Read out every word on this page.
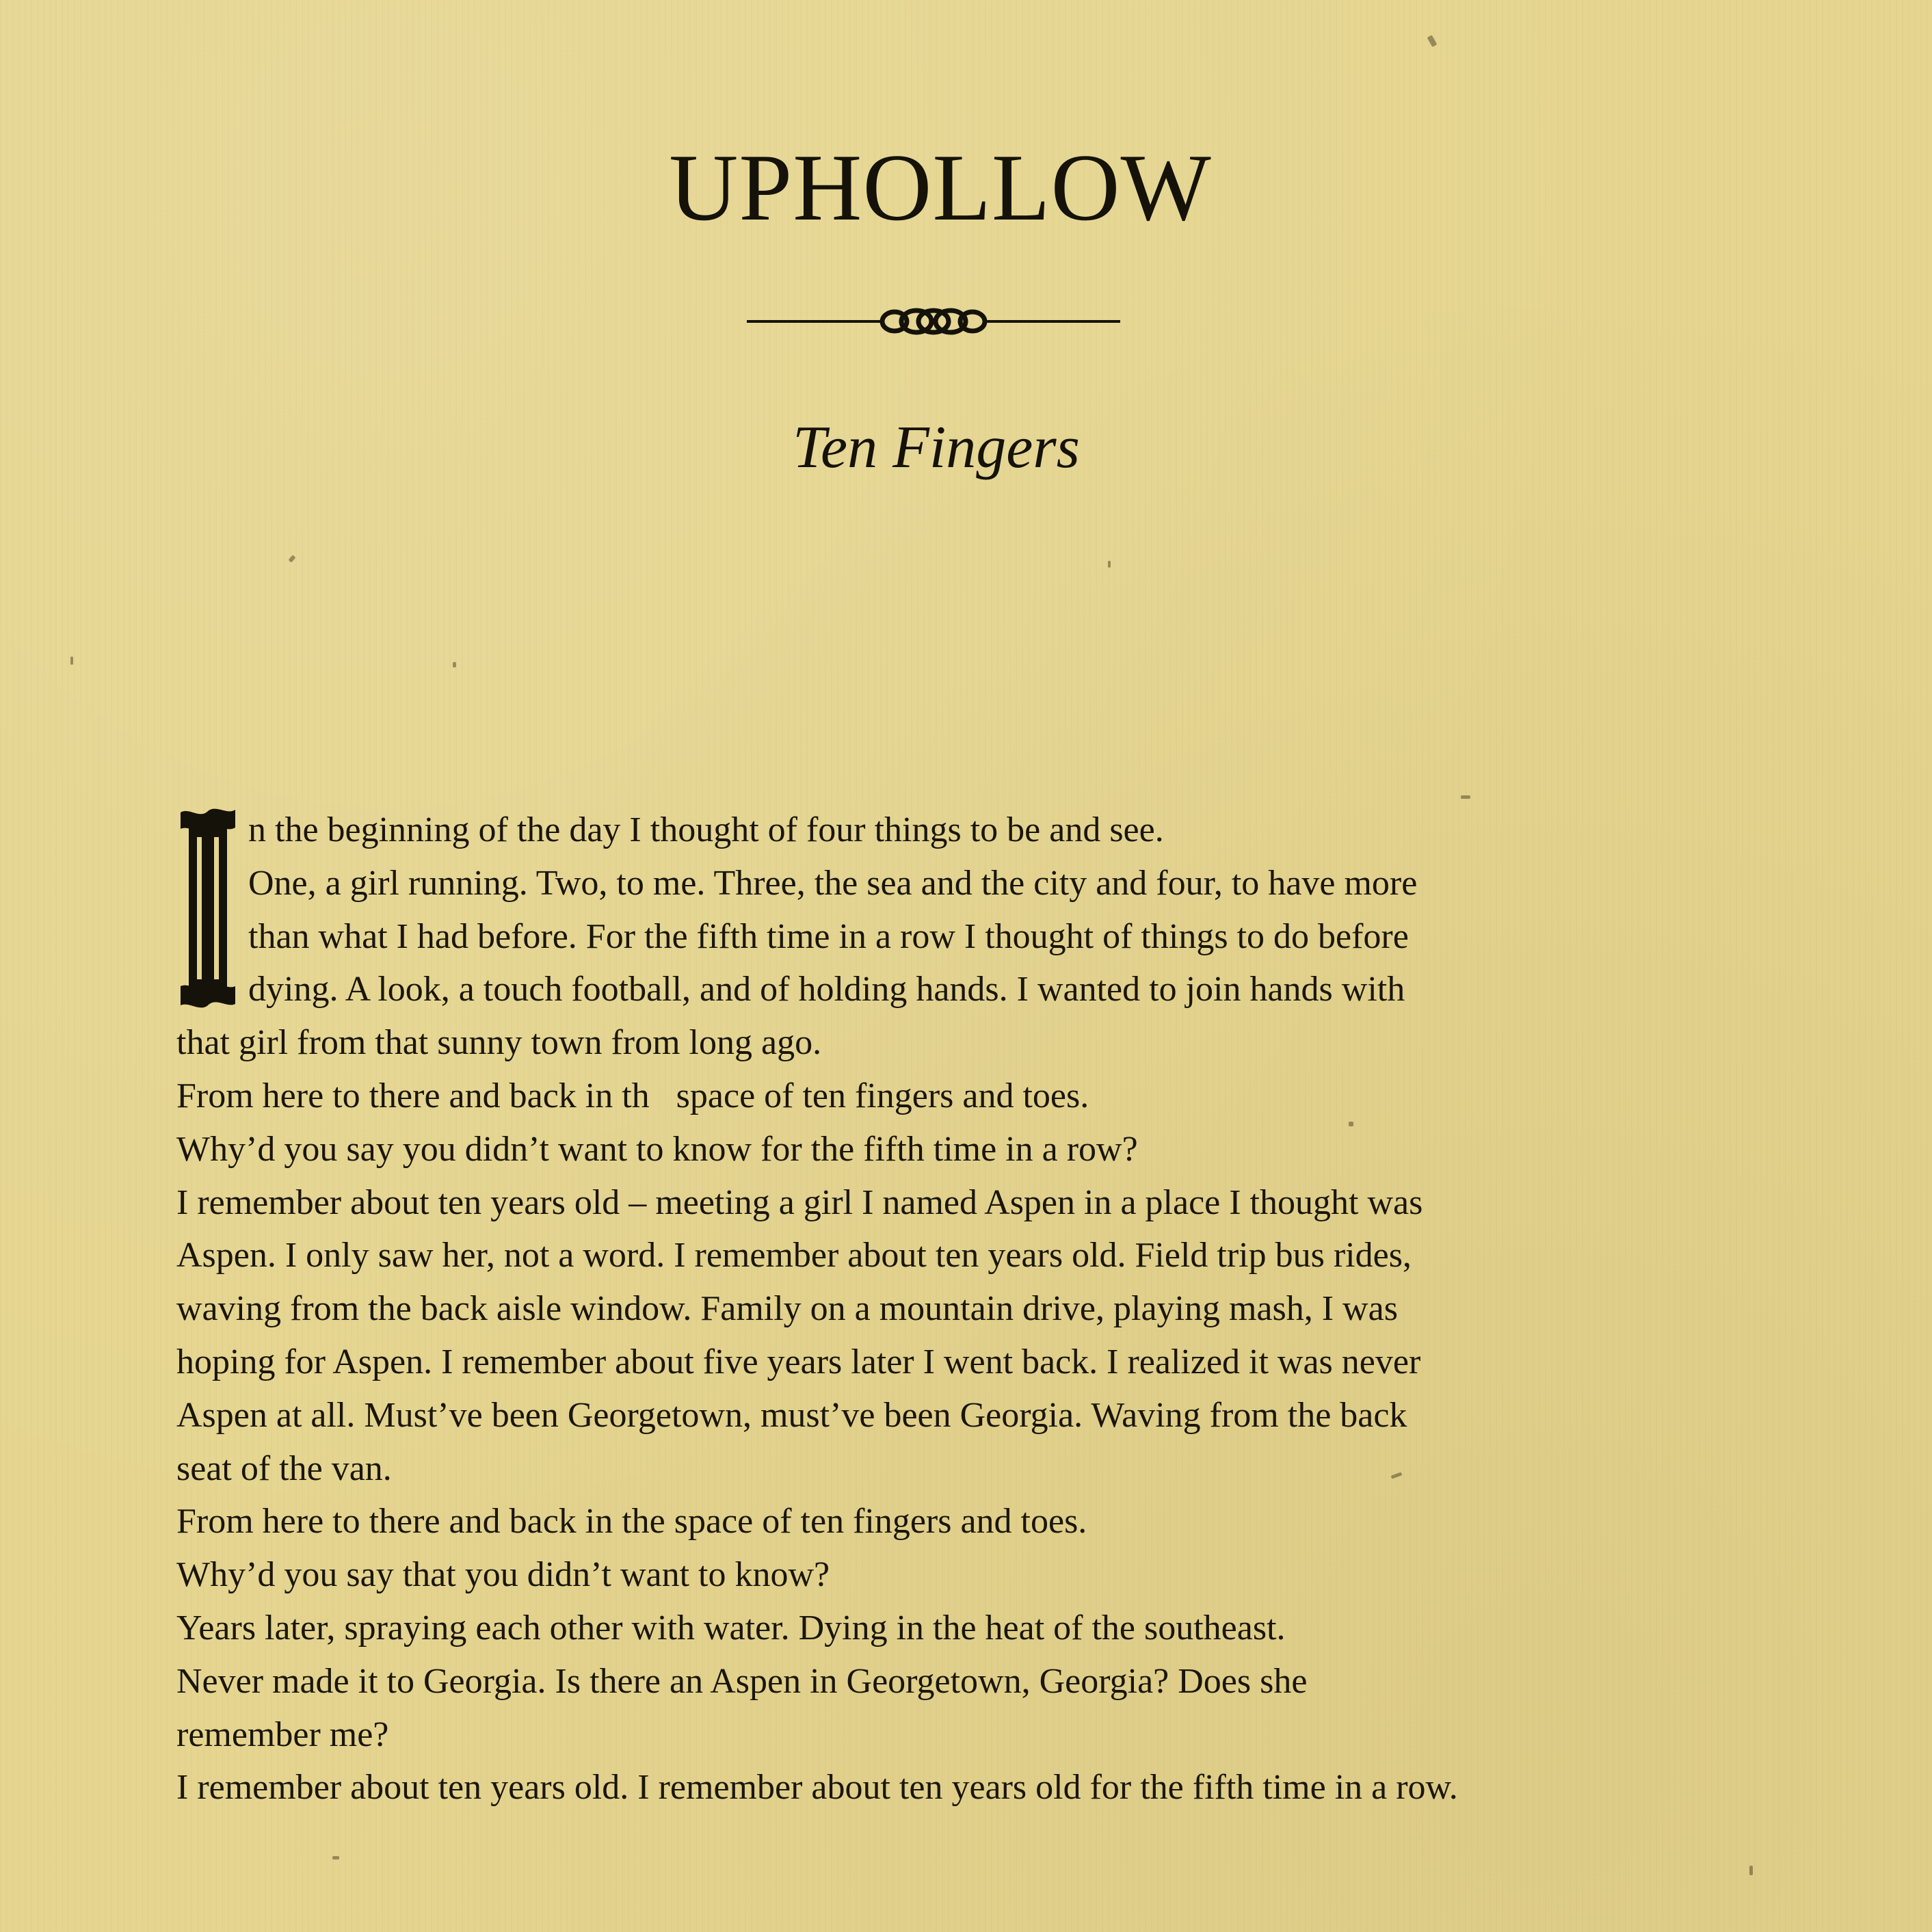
UPHOLLOW
Ten Fingers
n the beginning of the day I thought of four things to be and see.
One, a girl running. Two, to me. Three, the sea and the city and four, to have more
than what I had before. For the fifth time in a row I thought of things to do before
dying. A look, a touch football, and of holding hands. I wanted to join hands with
that girl from that sunny town from long ago.
From here to there and back in th   space of ten fingers and toes.
Why’d you say you didn’t want to know for the fifth time in a row?
I remember about ten years old – meeting a girl I named Aspen in a place I thought was
Aspen. I only saw her, not a word. I remember about ten years old. Field trip bus rides,
waving from the back aisle window. Family on a mountain drive, playing mash, I was
hoping for Aspen. I remember about five years later I went back. I realized it was never
Aspen at all. Must’ve been Georgetown, must’ve been Georgia. Waving from the back
seat of the van.
From here to there and back in the space of ten fingers and toes.
Why’d you say that you didn’t want to know?
Years later, spraying each other with water. Dying in the heat of the southeast.
Never made it to Georgia. Is there an Aspen in Georgetown, Georgia? Does she
remember me?
I remember about ten years old. I remember about ten years old for the fifth time in a row.
